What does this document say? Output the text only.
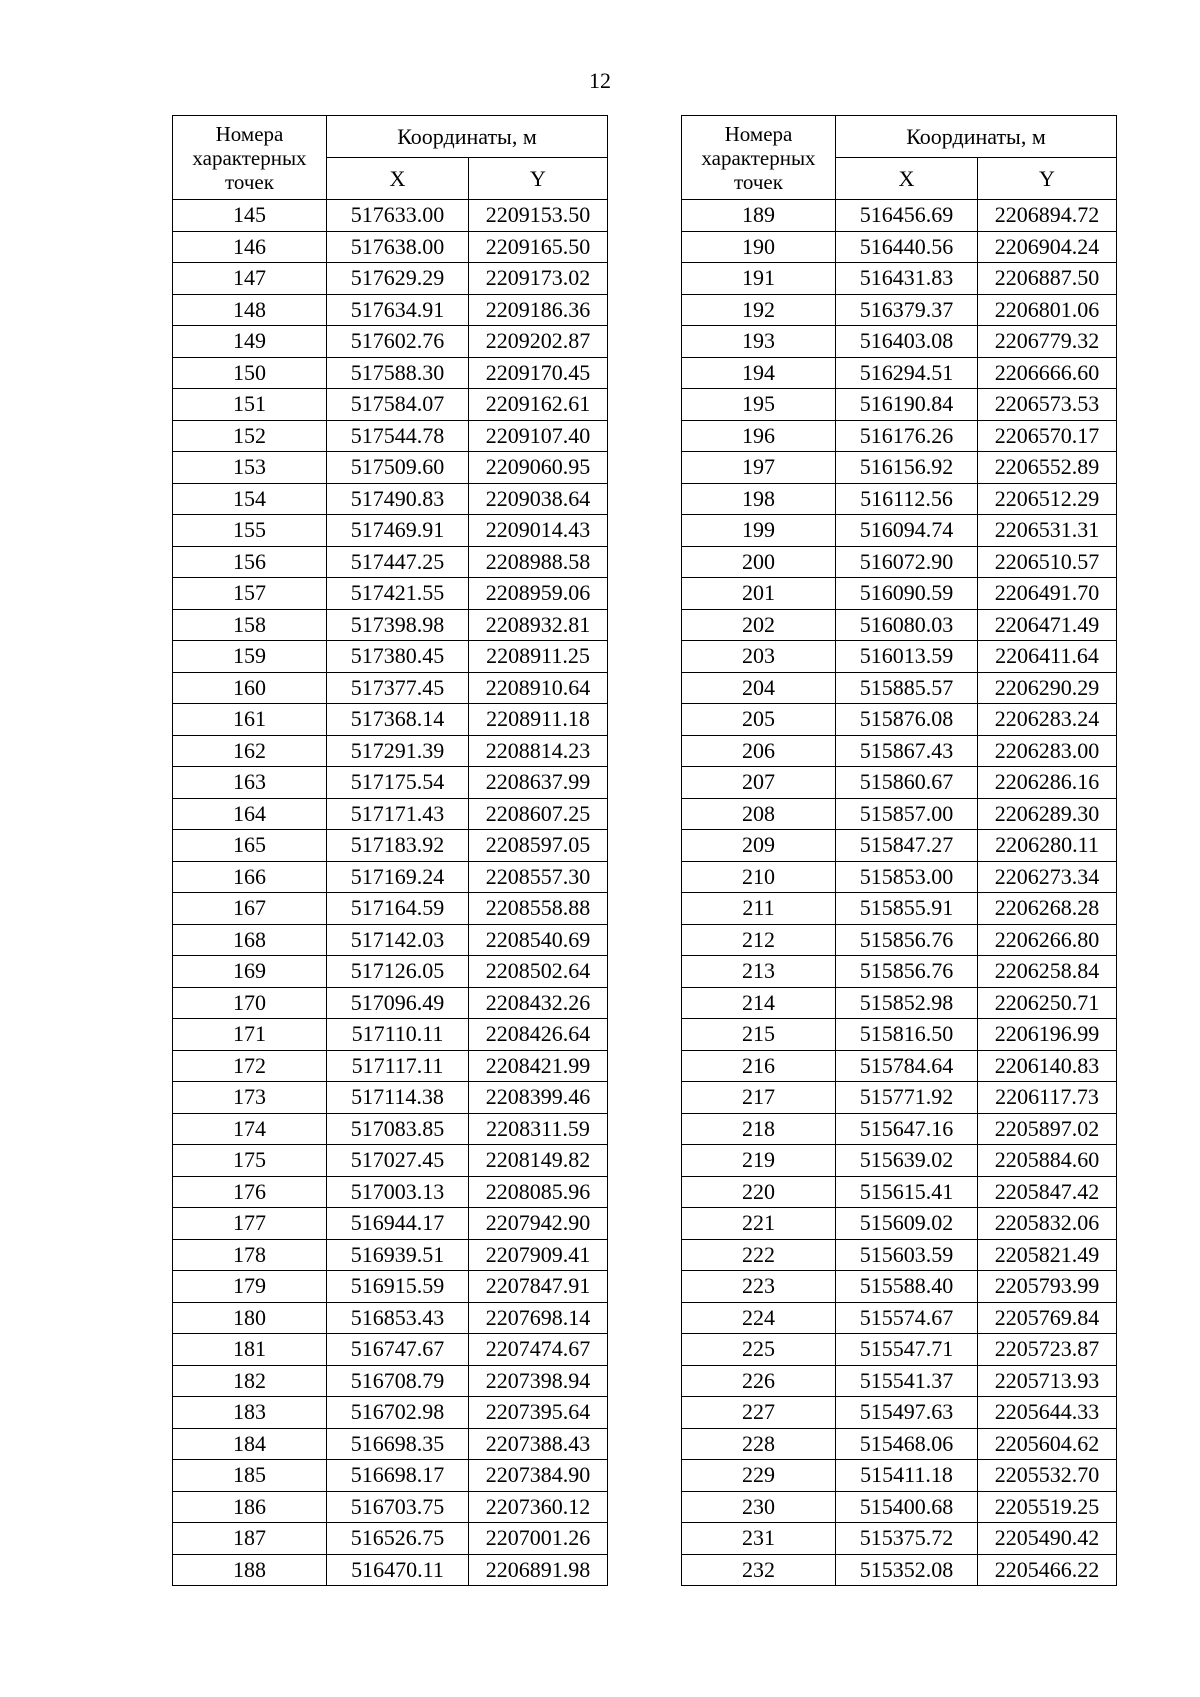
12
Номера характерных точек	Координаты, м	
	X	Y
145	517633.00	2209153.50
146	517638.00	2209165.50
147	517629.29	2209173.02
148	517634.91	2209186.36
149	517602.76	2209202.87
150	517588.30	2209170.45
151	517584.07	2209162.61
152	517544.78	2209107.40
153	517509.60	2209060.95
154	517490.83	2209038.64
155	517469.91	2209014.43
156	517447.25	2208988.58
157	517421.55	2208959.06
158	517398.98	2208932.81
159	517380.45	2208911.25
160	517377.45	2208910.64
161	517368.14	2208911.18
162	517291.39	2208814.23
163	517175.54	2208637.99
164	517171.43	2208607.25
165	517183.92	2208597.05
166	517169.24	2208557.30
167	517164.59	2208558.88
168	517142.03	2208540.69
169	517126.05	2208502.64
170	517096.49	2208432.26
171	517110.11	2208426.64
172	517117.11	2208421.99
173	517114.38	2208399.46
174	517083.85	2208311.59
175	517027.45	2208149.82
176	517003.13	2208085.96
177	516944.17	2207942.90
178	516939.51	2207909.41
179	516915.59	2207847.91
180	516853.43	2207698.14
181	516747.67	2207474.67
182	516708.79	2207398.94
183	516702.98	2207395.64
184	516698.35	2207388.43
185	516698.17	2207384.90
186	516703.75	2207360.12
187	516526.75	2207001.26
188	516470.11	2206891.98
Номера характерных точек	Координаты, м	
	X	Y
189	516456.69	2206894.72
190	516440.56	2206904.24
191	516431.83	2206887.50
192	516379.37	2206801.06
193	516403.08	2206779.32
194	516294.51	2206666.60
195	516190.84	2206573.53
196	516176.26	2206570.17
197	516156.92	2206552.89
198	516112.56	2206512.29
199	516094.74	2206531.31
200	516072.90	2206510.57
201	516090.59	2206491.70
202	516080.03	2206471.49
203	516013.59	2206411.64
204	515885.57	2206290.29
205	515876.08	2206283.24
206	515867.43	2206283.00
207	515860.67	2206286.16
208	515857.00	2206289.30
209	515847.27	2206280.11
210	515853.00	2206273.34
211	515855.91	2206268.28
212	515856.76	2206266.80
213	515856.76	2206258.84
214	515852.98	2206250.71
215	515816.50	2206196.99
216	515784.64	2206140.83
217	515771.92	2206117.73
218	515647.16	2205897.02
219	515639.02	2205884.60
220	515615.41	2205847.42
221	515609.02	2205832.06
222	515603.59	2205821.49
223	515588.40	2205793.99
224	515574.67	2205769.84
225	515547.71	2205723.87
226	515541.37	2205713.93
227	515497.63	2205644.33
228	515468.06	2205604.62
229	515411.18	2205532.70
230	515400.68	2205519.25
231	515375.72	2205490.42
232	515352.08	2205466.22
